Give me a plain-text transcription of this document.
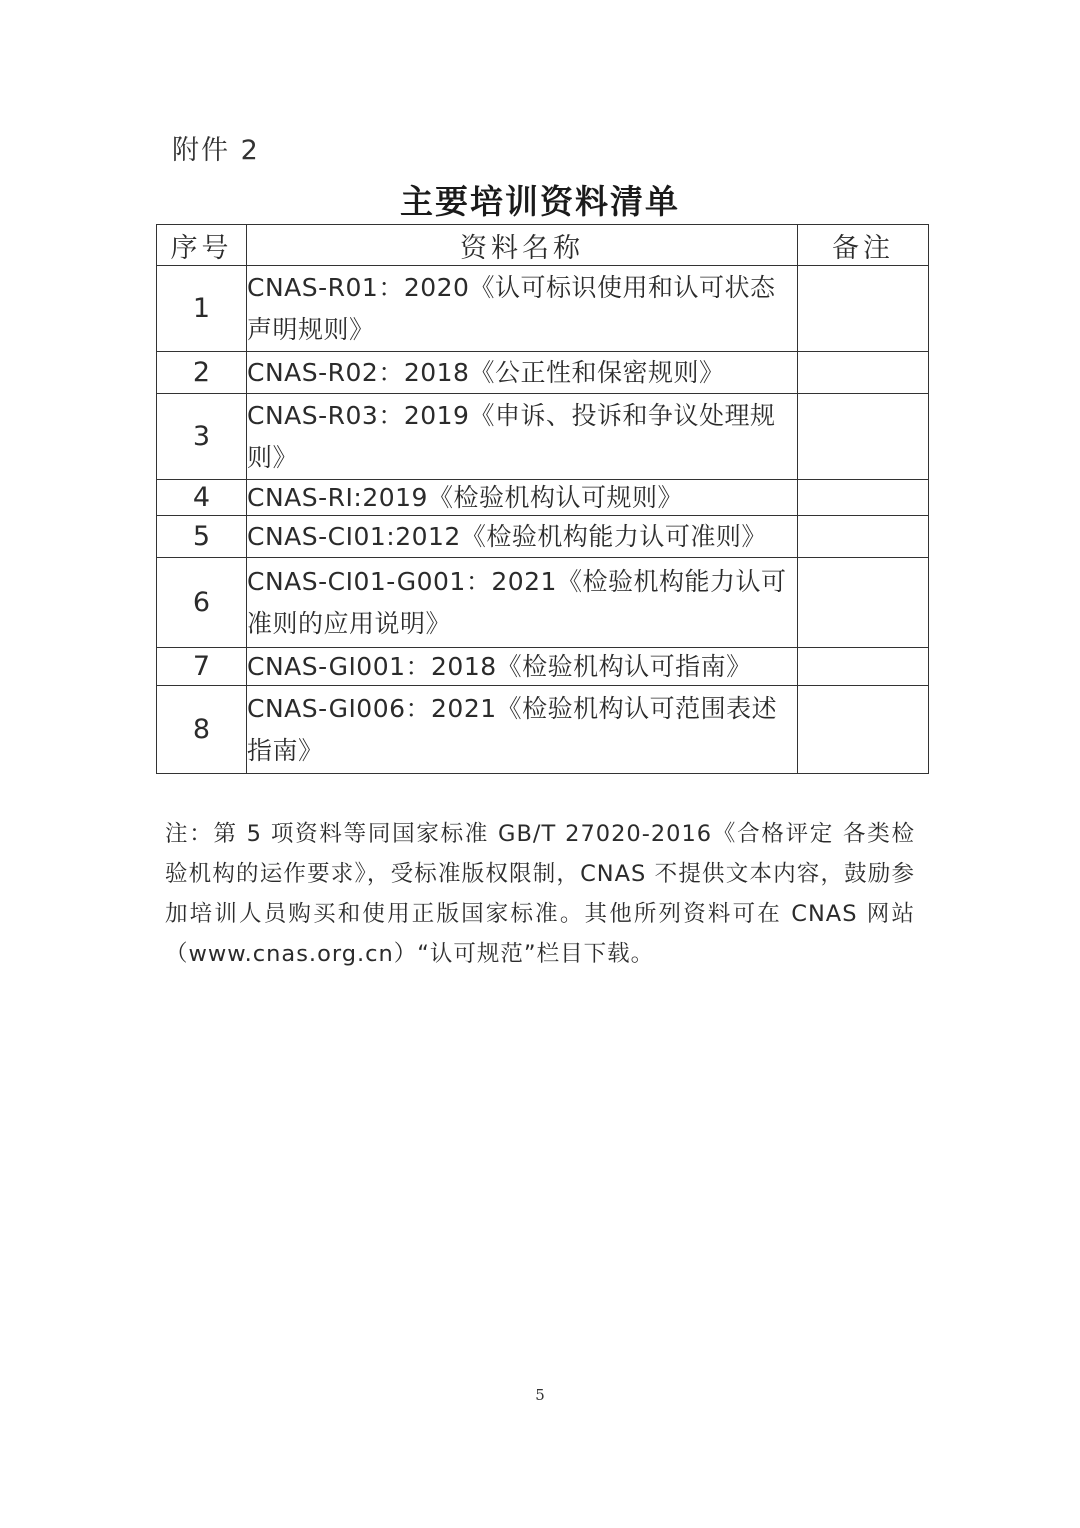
附件 2
主要培训资料清单
序号	资料名称	备注
1	CNAS-R01：2020《认可标识使用和认可状态声明规则》	
2	CNAS-R02：2018《公正性和保密规则》	
3	CNAS-R03：2019《申诉、投诉和争议处理规则》	
4	CNAS-RI:2019《检验机构认可规则》	
5	CNAS-CI01:2012《检验机构能力认可准则》	
6	CNAS-CI01-G001：2021《检验机构能力认可准则的应用说明》	
7	CNAS-GI001：2018《检验机构认可指南》	
8	CNAS-GI006：2021《检验机构认可范围表述指南》	
注：第 5 项资料等同国家标准 GB/T 27020-2016《合格评定 各类检验机构的运作要求》，受标准版权限制，CNAS 不提供文本内容，鼓励参加培训人员购买和使用正版国家标准。其他所列资料可在 CNAS 网站（www.cnas.org.cn）“认可规范”栏目下载。
5
